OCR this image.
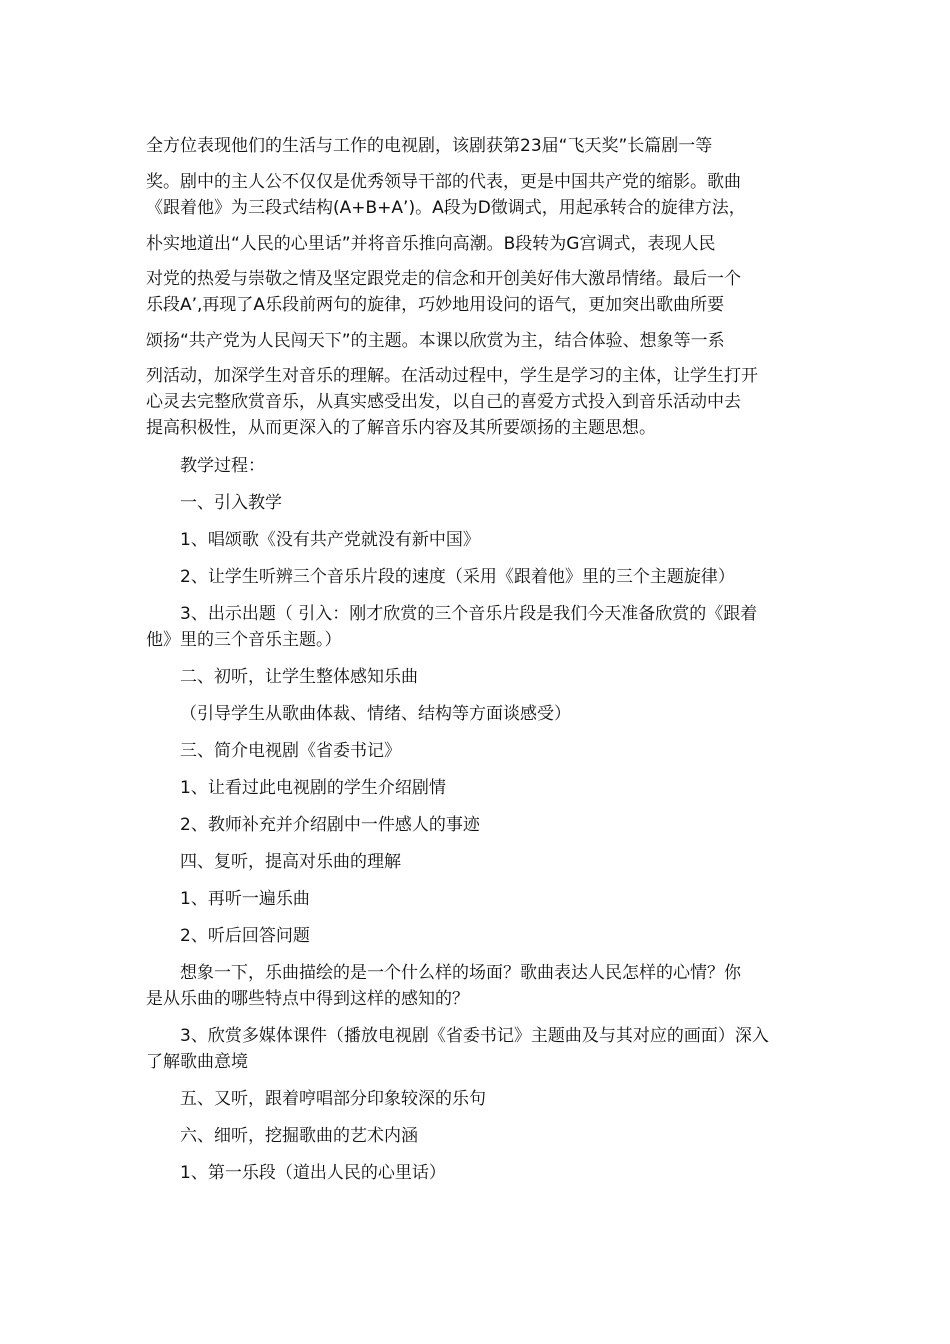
全方位表现他们的生活与工作的电视剧，该剧获第23届“飞天奖”长篇剧一等
奖。剧中的主人公不仅仅是优秀领导干部的代表，更是中国共产党的缩影。歌曲
《跟着他》为三段式结构(A+B+A’)。A段为D徵调式，用起承转合的旋律方法，
朴实地道出“人民的心里话”并将音乐推向高潮。B段转为G宫调式，表现人民
对党的热爱与崇敬之情及坚定跟党走的信念和开创美好伟大激昂情绪。最后一个
乐段A’,再现了A乐段前两句的旋律，巧妙地用设问的语气，更加突出歌曲所要
颂扬“共产党为人民闯天下”的主题。本课以欣赏为主，结合体验、想象等一系
列活动，加深学生对音乐的理解。在活动过程中，学生是学习的主体，让学生打开
心灵去完整欣赏音乐，从真实感受出发，以自己的喜爱方式投入到音乐活动中去
提高积极性，从而更深入的了解音乐内容及其所要颂扬的主题思想。
教学过程：
一、引入教学
1、唱颂歌《没有共产党就没有新中国》
2、让学生听辨三个音乐片段的速度（采用《跟着他》里的三个主题旋律）
3、出示出题（ 引入：刚才欣赏的三个音乐片段是我们今天准备欣赏的《跟着
他》里的三个音乐主题。）
二、初听，让学生整体感知乐曲
（引导学生从歌曲体裁、情绪、结构等方面谈感受）
三、简介电视剧《省委书记》
1、让看过此电视剧的学生介绍剧情
2、教师补充并介绍剧中一件感人的事迹
四、复听，提高对乐曲的理解
1、再听一遍乐曲
2、听后回答问题
想象一下，乐曲描绘的是一个什么样的场面？歌曲表达人民怎样的心情？你
是从乐曲的哪些特点中得到这样的感知的？
3、欣赏多媒体课件（播放电视剧《省委书记》主题曲及与其对应的画面）深入
了解歌曲意境
五、又听，跟着哼唱部分印象较深的乐句
六、细听，挖掘歌曲的艺术内涵
1、第一乐段（道出人民的心里话）
